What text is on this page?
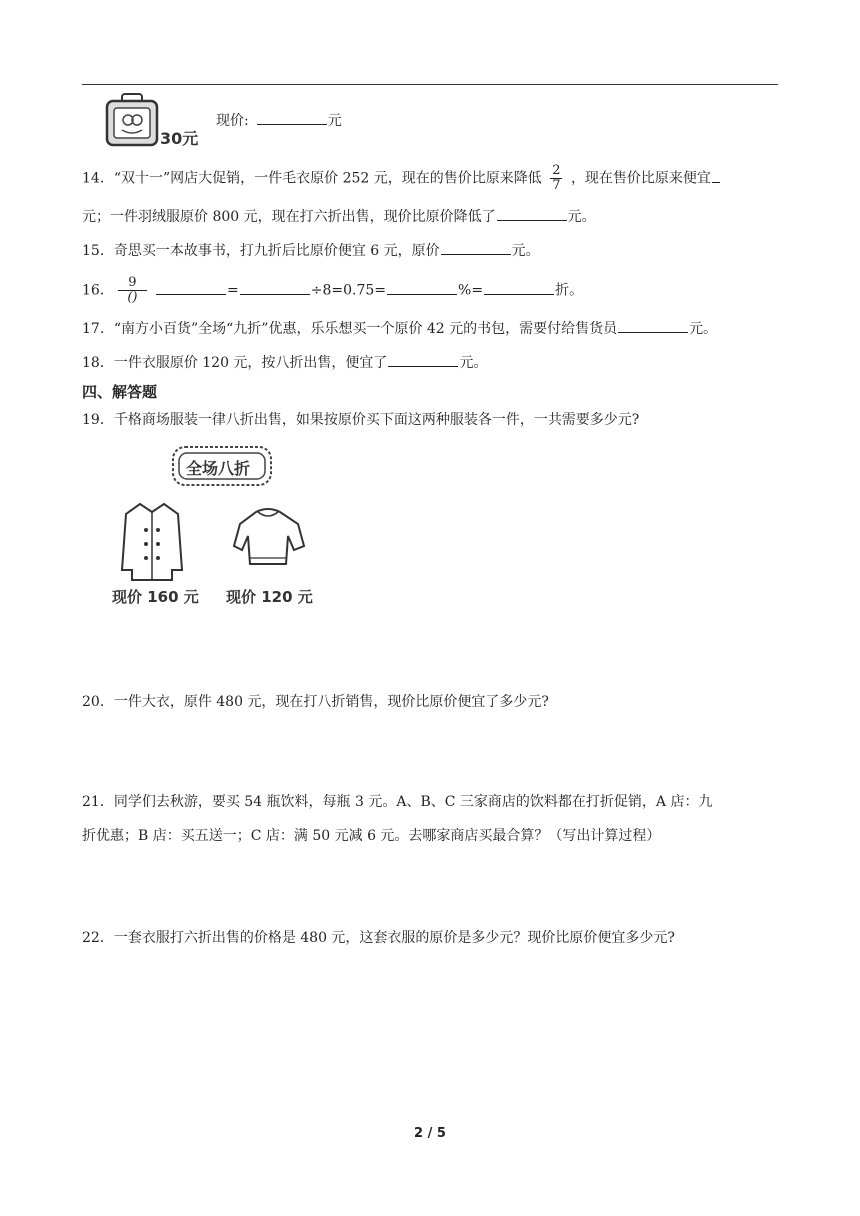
30元
现价:	元
14．“双十一”网店大促销，一件毛衣原价 252 元，现在的售价比原来降低 $\frac{2}{7}$ ，现在售价比原来便宜
元；一件羽绒服原价 800 元，现在打六折出售，现价比原价降低了	元。
15．奇思买一本故事书，打九折后比原价便宜 6 元，原价	元。
16． $\frac{9}{()}$	=	÷8=0.75=	%=	折。
17．“南方小百货”全场“九折”优惠，乐乐想买一个原价 42 元的书包，需要付给售货员	元。
18．一件衣服原价 120 元，按八折出售，便宜了	元。
四、解答题
19．千格商场服装一律八折出售，如果按原价买下面这两种服装各一件，一共需要多少元?
全场八折
现价 160 元 现价 120 元
20．一件大衣，原件 480 元，现在打八折销售，现价比原价便宜了多少元?
21．同学们去秋游，要买 54 瓶饮料，每瓶 3 元。A、B、C 三家商店的饮料都在打折促销，A 店：九
折优惠；B 店：买五送一；C 店：满 50 元减 6 元。去哪家商店买最合算？（写出计算过程）
22．一套衣服打六折出售的价格是 480 元，这套衣服的原价是多少元？现价比原价便宜多少元?
2 / 5
